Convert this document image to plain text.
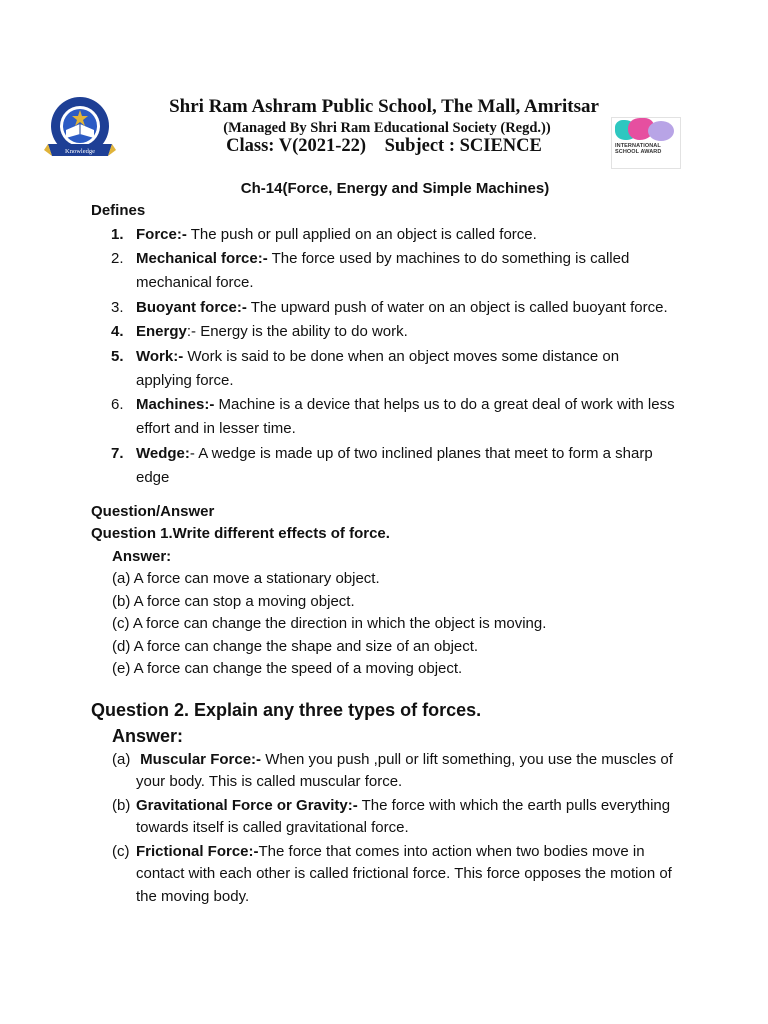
Knowledge
INTERNATIONAL SCHOOL AWARD
Shri Ram Ashram Public School, The Mall, Amritsar
(Managed By Shri Ram Educational Society (Regd.))
Class: V(2021-22)    Subject : SCIENCE
Ch-14(Force, Energy and Simple Machines)
Defines
1. Force:- The push or pull applied on an object is called force.
2. Mechanical force:- The force used by machines to do something is called mechanical force.
3. Buoyant force:- The upward push of water on an object is called buoyant force.
4. Energy:- Energy is the ability to do work.
5. Work:- Work is said to be done when an object moves some distance on applying force.
6. Machines:- Machine is a device that helps us to do a great deal of work with less effort and in lesser time.
7. Wedge:- A wedge is made up of two inclined planes that meet to form a sharp edge
Question/Answer
Question 1.Write different effects of force.
Answer:
(a) A force can move a stationary object.
(b) A force can stop a moving object.
(c) A force can change the direction in which the object is moving.
(d) A force can change the shape and size of an object.
(e) A force can change the speed of a moving object.
Question 2. Explain any three types of forces.
Answer:
(a) Muscular Force:- When you push ,pull or lift something, you use the muscles of your body. This is called muscular force.
(b) Gravitational Force or Gravity:- The force with which the earth pulls everything towards itself is called gravitational force.
(c) Frictional Force:-The force that comes into action when two bodies move in contact with each other is called frictional force. This force opposes the motion of the moving body.
